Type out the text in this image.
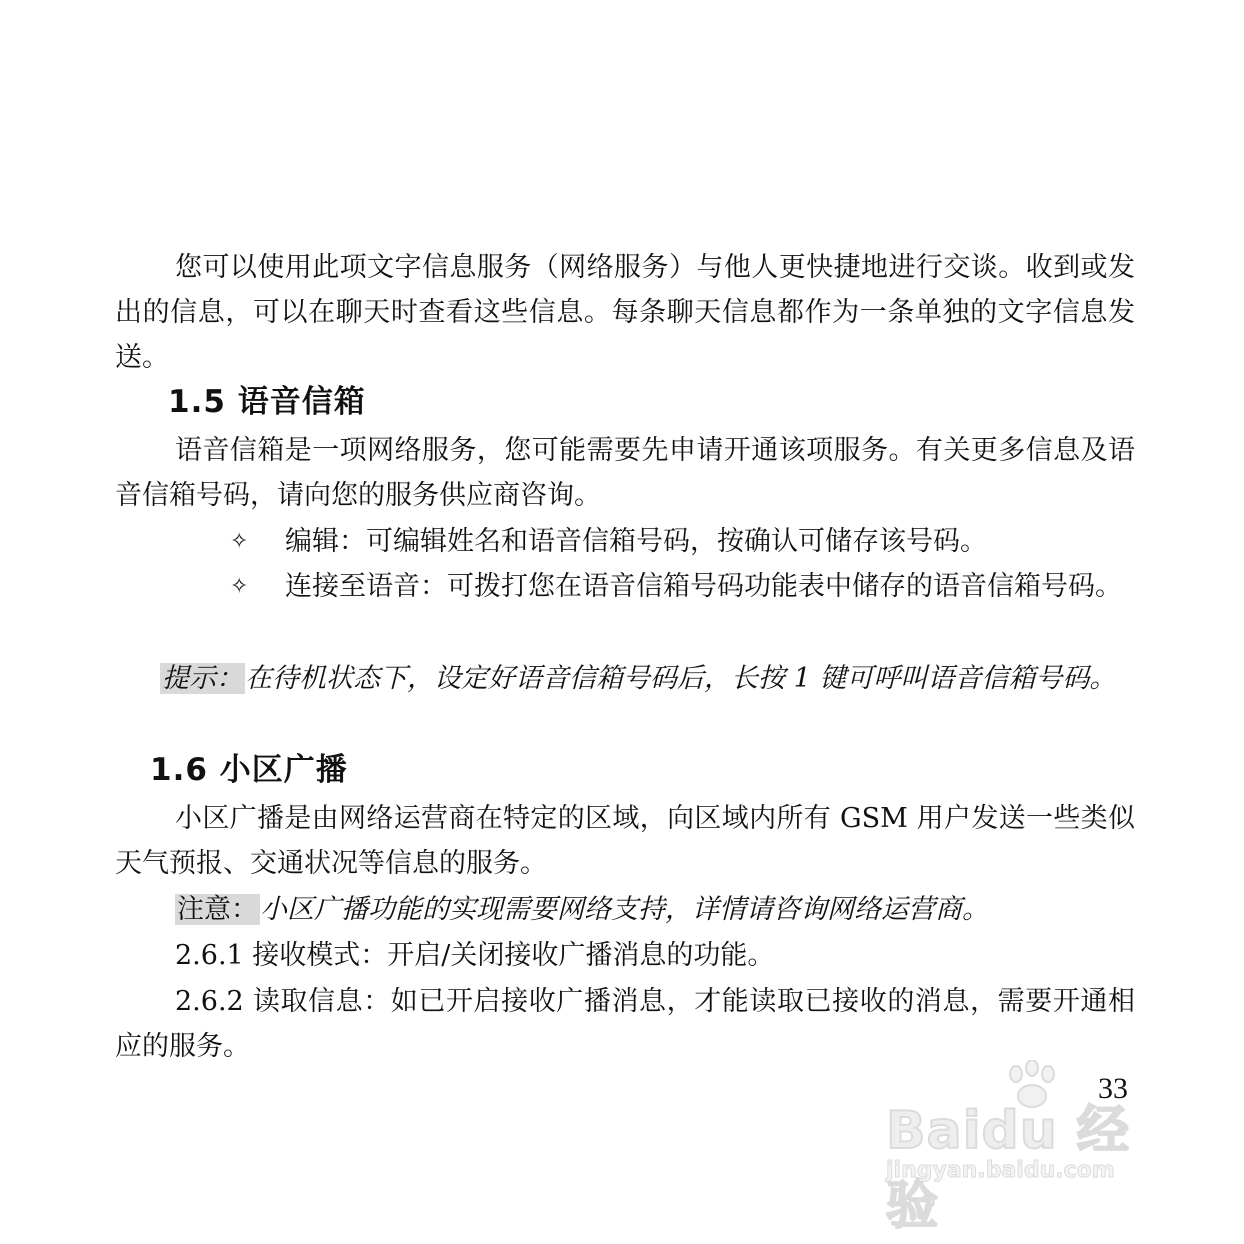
您可以使用此项文字信息服务（网络服务）与他人更快捷地进行交谈。收到或发出的信息，可以在聊天时查看这些信息。每条聊天信息都作为一条单独的文字信息发送。

1.5 语音信箱

语音信箱是一项网络服务，您可能需要先申请开通该项服务。有关更多信息及语音信箱号码，请向您的服务供应商咨询。

✧	编辑：可编辑姓名和语音信箱号码，按确认可储存该号码。
✧	连接至语音：可拨打您在语音信箱号码功能表中储存的语音信箱号码。
提示：在待机状态下，设定好语音信箱号码后，长按 1 键可呼叫语音信箱号码。
1.6 小区广播

小区广播是由网络运营商在特定的区域，向区域内所有 GSM 用户发送一些类似天气预报、交通状况等信息的服务。

注意：小区广播功能的实现需要网络支持，详情请咨询网络运营商。

2.6.1 接收模式：开启/关闭接收广播消息的功能。

2.6.2 读取信息：如已开启接收广播消息，才能读取已接收的消息，需要开通相应的服务。

33
Baidu 经验
jingyan.baidu.com
